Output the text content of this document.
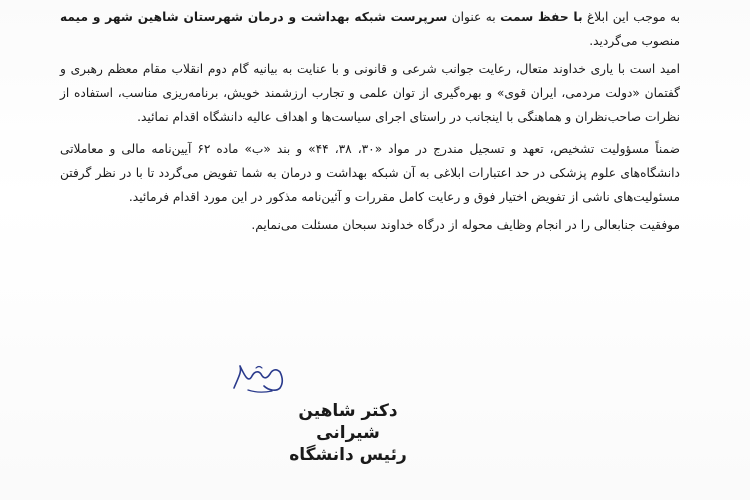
به موجب این ابلاغ با حفظ سمت به عنوان سرپرست شبکه بهداشت و درمان شهرستان شاهین شهر و میمه منصوب می‌گردید.

امید است با یاری خداوند متعال، رعایت جوانب شرعی و قانونی و با عنایت به بیانیه گام دوم انقلاب مقام معظم رهبری و گفتمان «دولت مردمی، ایران قوی» و بهره‌گیری از توان علمی و تجارب ارزشمند خویش، برنامه‌ریزی مناسب، استفاده از نظرات صاحب‌نظران و هماهنگی با اینجانب در راستای اجرای سیاست‌ها و اهداف عالیه دانشگاه اقدام نمائید.

ضمناً مسؤولیت تشخیص، تعهد و تسجیل مندرج در مواد «۳۰، ۳۸، ۴۴» و بند «ب» ماده ۶۲ آیین‌نامه مالی و معاملاتی دانشگاه‌های علوم پزشکی در حد اعتبارات ابلاغی به آن شبکه بهداشت و درمان به شما تفویض می‌گردد تا با در نظر گرفتن مسئولیت‌های ناشی از تفویض اختیار فوق و رعایت کامل مقررات و آئین‌نامه مذکور در این مورد اقدام فرمائید.

موفقیت جنابعالی را در انجام وظایف محوله از درگاه خداوند سبحان مسئلت می‌نمایم.

دکتر شاهین شیرانی
رئیس دانشگاه
